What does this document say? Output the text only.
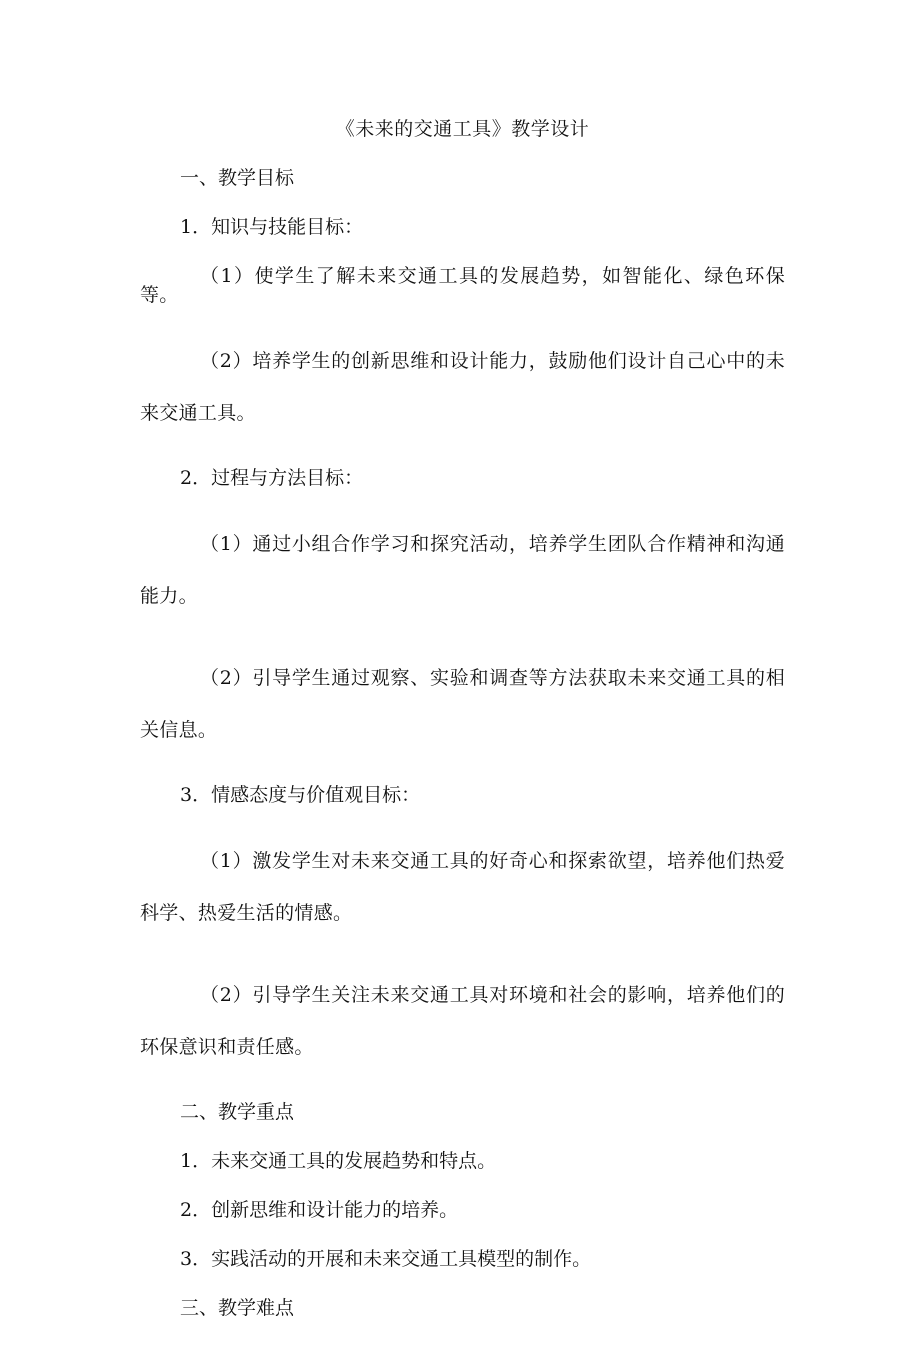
《未来的交通工具》教学设计
一、教学目标
1．知识与技能目标：
（1）使学生了解未来交通工具的发展趋势，如智能化、绿色环保等。
（2）培养学生的创新思维和设计能力，鼓励他们设计自己心中的未来交通工具。
2．过程与方法目标：
（1）通过小组合作学习和探究活动，培养学生团队合作精神和沟通能力。
（2）引导学生通过观察、实验和调查等方法获取未来交通工具的相关信息。
3．情感态度与价值观目标：
（1）激发学生对未来交通工具的好奇心和探索欲望，培养他们热爱科学、热爱生活的情感。
（2）引导学生关注未来交通工具对环境和社会的影响，培养他们的环保意识和责任感。
二、教学重点
1．未来交通工具的发展趋势和特点。
2．创新思维和设计能力的培养。
3．实践活动的开展和未来交通工具模型的制作。
三、教学难点
